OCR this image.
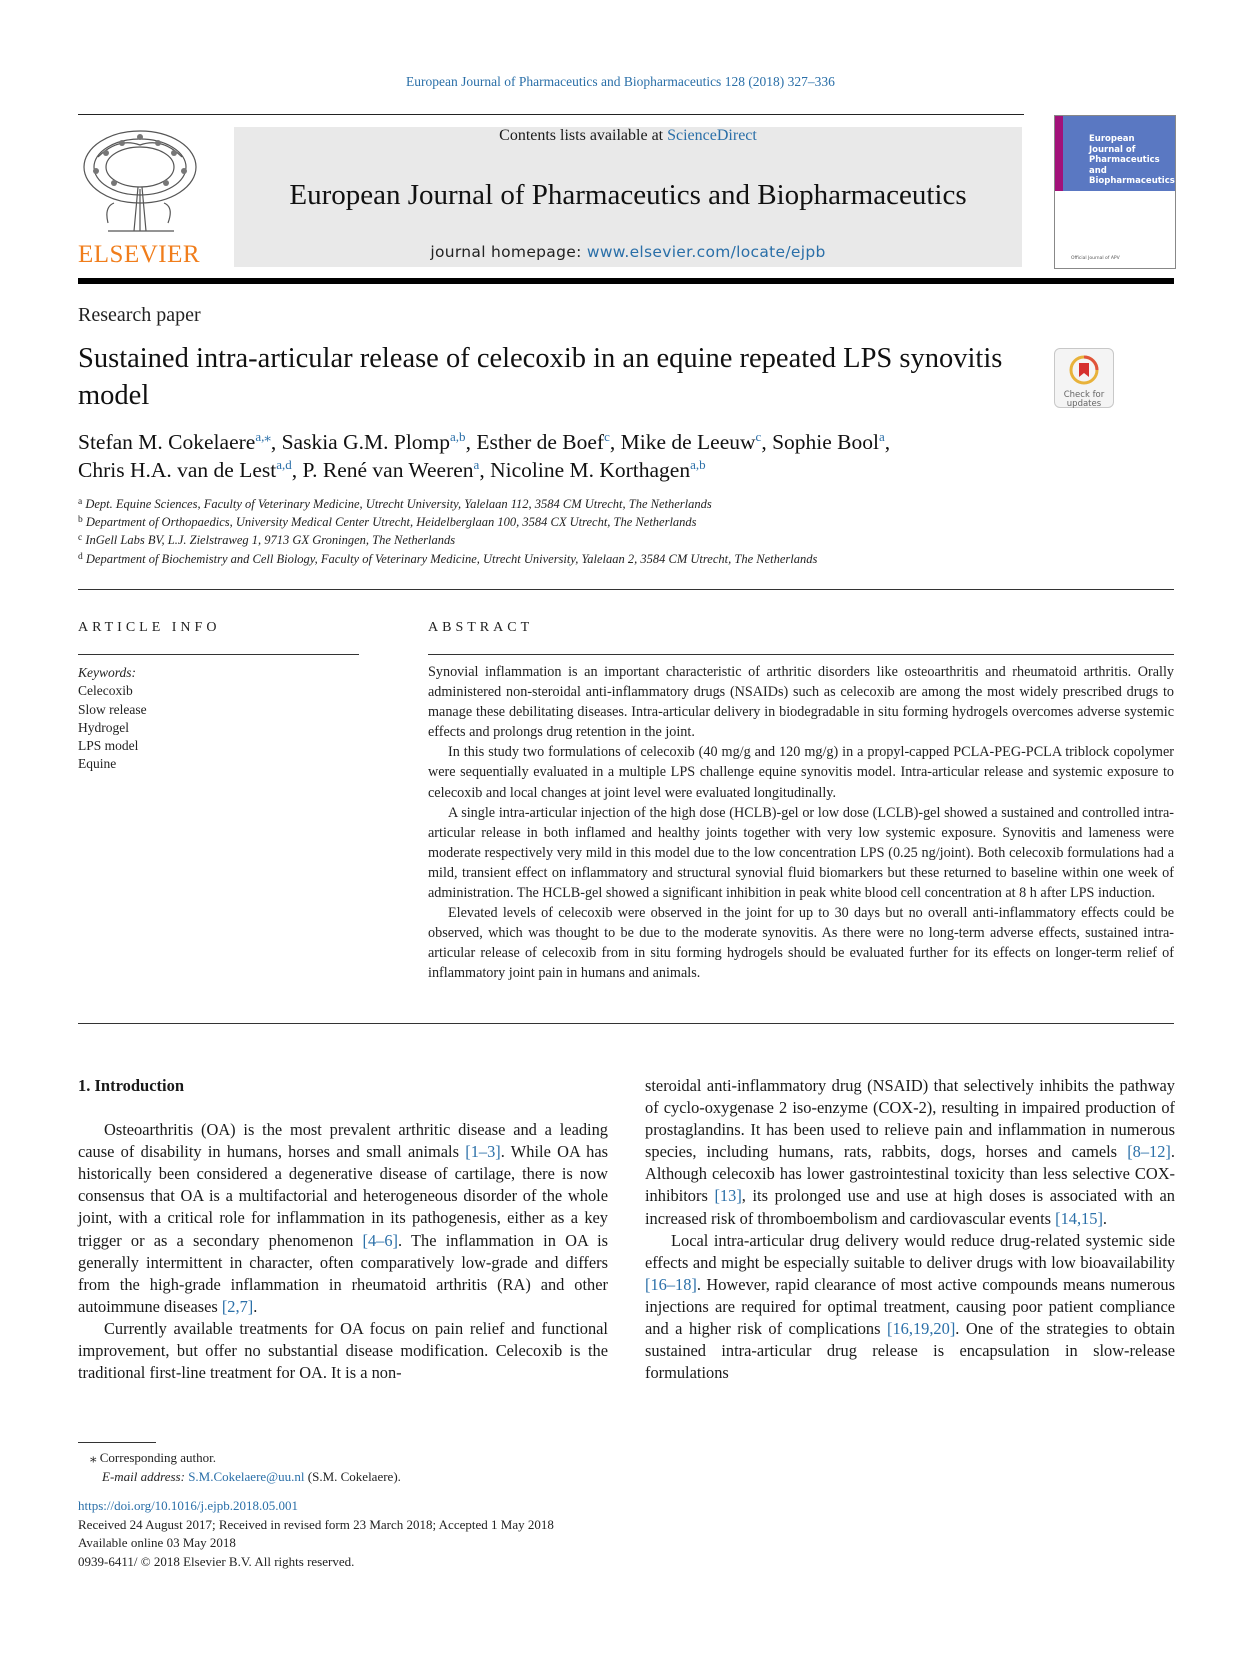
European Journal of Pharmaceutics and Biopharmaceutics 128 (2018) 327–336
ELSEVIER
Contents lists available at ScienceDirect
European Journal of Pharmaceutics and Biopharmaceutics
journal homepage: www.elsevier.com/locate/ejpb
European
Journal of
Pharmaceutics and
Biopharmaceutics
Official Journal of APV
Research paper
Sustained intra-articular release of celecoxib in an equine repeated LPS synovitis model	Check for updates
Stefan M. Cokelaere$^{a,⁎}$, Saskia G.M. Plomp$^{a,b}$, Esther de Boef$^c$, Mike de Leeuw$^c$, Sophie Bool$^a$,
Chris H.A. van de Lest$^{a,d}$, P. René van Weeren$^a$, Nicoline M. Korthagen$^{a,b}$
$^a$ Dept. Equine Sciences, Faculty of Veterinary Medicine, Utrecht University, Yalelaan 112, 3584 CM Utrecht, The Netherlands
$^b$ Department of Orthopaedics, University Medical Center Utrecht, Heidelberglaan 100, 3584 CX Utrecht, The Netherlands
$^c$ InGell Labs BV, L.J. Zielstraweg 1, 9713 GX Groningen, The Netherlands
$^d$ Department of Biochemistry and Cell Biology, Faculty of Veterinary Medicine, Utrecht University, Yalelaan 2, 3584 CM Utrecht, The Netherlands
ARTICLE INFO	ABSTRACT
Keywords:
Celecoxib
Slow release
Hydrogel
LPS model
Equine

Synovial inflammation is an important characteristic of arthritic disorders like osteoarthritis and rheumatoid arthritis. Orally administered non-steroidal anti-inflammatory drugs (NSAIDs) such as celecoxib are among the most widely prescribed drugs to manage these debilitating diseases. Intra-articular delivery in biodegradable in situ forming hydrogels overcomes adverse systemic effects and prolongs drug retention in the joint.

In this study two formulations of celecoxib (40 mg/g and 120 mg/g) in a propyl-capped PCLA-PEG-PCLA triblock copolymer were sequentially evaluated in a multiple LPS challenge equine synovitis model. Intra-articular release and systemic exposure to celecoxib and local changes at joint level were evaluated longitudinally.

A single intra-articular injection of the high dose (HCLB)-gel or low dose (LCLB)-gel showed a sustained and controlled intra-articular release in both inflamed and healthy joints together with very low systemic exposure. Synovitis and lameness were moderate respectively very mild in this model due to the low concentration LPS (0.25 ng/joint). Both celecoxib formulations had a mild, transient effect on inflammatory and structural synovial fluid biomarkers but these returned to baseline within one week of administration. The HCLB-gel showed a significant inhibition in peak white blood cell concentration at 8 h after LPS induction.

Elevated levels of celecoxib were observed in the joint for up to 30 days but no overall anti-inflammatory effects could be observed, which was thought to be due to the moderate synovitis. As there were no long-term adverse effects, sustained intra-articular release of celecoxib from in situ forming hydrogels should be evaluated further for its effects on longer-term relief of inflammatory joint pain in humans and animals.

1. Introduction

Osteoarthritis (OA) is the most prevalent arthritic disease and a leading cause of disability in humans, horses and small animals [1–3]. While OA has historically been considered a degenerative disease of cartilage, there is now consensus that OA is a multifactorial and heterogeneous disorder of the whole joint, with a critical role for inflammation in its pathogenesis, either as a key trigger or as a secondary phenomenon [4–6]. The inflammation in OA is generally intermittent in character, often comparatively low-grade and differs from the high-grade inflammation in rheumatoid arthritis (RA) and other autoimmune diseases [2,7].

Currently available treatments for OA focus on pain relief and functional improvement, but offer no substantial disease modification. Celecoxib is the traditional first-line treatment for OA. It is a non-

steroidal anti-inflammatory drug (NSAID) that selectively inhibits the pathway of cyclo-oxygenase 2 iso-enzyme (COX-2), resulting in impaired production of prostaglandins. It has been used to relieve pain and inflammation in numerous species, including humans, rats, rabbits, dogs, horses and camels [8–12]. Although celecoxib has lower gastrointestinal toxicity than less selective COX-inhibitors [13], its prolonged use and use at high doses is associated with an increased risk of thromboembolism and cardiovascular events [14,15].

Local intra-articular drug delivery would reduce drug-related systemic side effects and might be especially suitable to deliver drugs with low bioavailability [16–18]. However, rapid clearance of most active compounds means numerous injections are required for optimal treatment, causing poor patient compliance and a higher risk of complications [16,19,20]. One of the strategies to obtain sustained intra-articular drug release is encapsulation in slow-release formulations

⁎ Corresponding author.
E-mail address: S.M.Cokelaere@uu.nl (S.M. Cokelaere).
https://doi.org/10.1016/j.ejpb.2018.05.001
Received 24 August 2017; Received in revised form 23 March 2018; Accepted 1 May 2018
Available online 03 May 2018
0939-6411/ © 2018 Elsevier B.V. All rights reserved.
